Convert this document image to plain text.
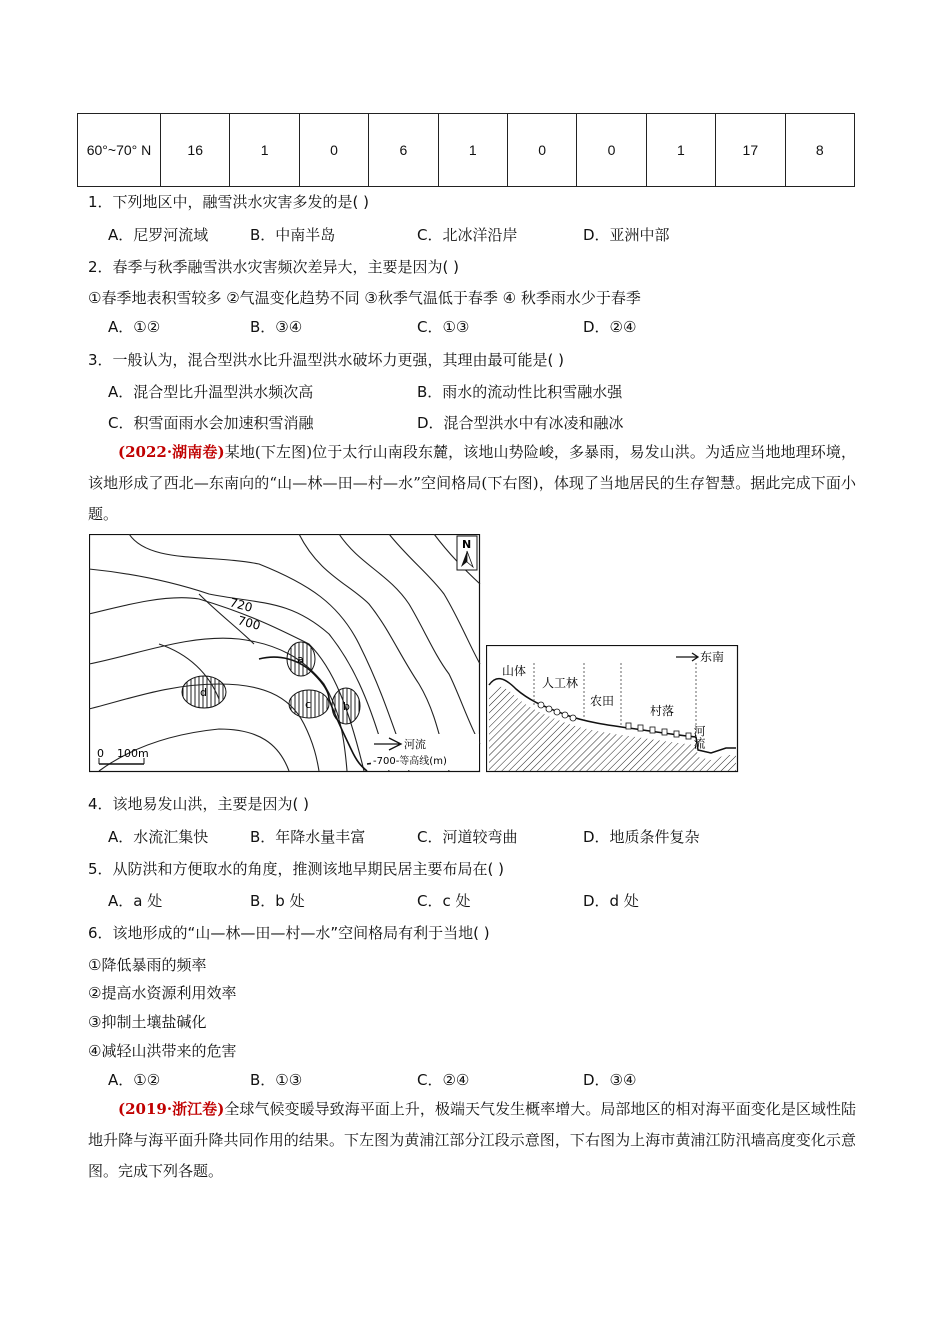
60°~70° N	16	1	0	6	1	0	0	1	17	8
1．下列地区中，融雪洪水灾害多发的是( )
A．尼罗河流域	B．中南半岛	C．北冰洋沿岸	D．亚洲中部
2．春季与秋季融雪洪水灾害频次差异大，主要是因为( )
①春季地表积雪较多 ②气温变化趋势不同 ③秋季气温低于春季 ④ 秋季雨水少于春季
A．①②	B．③④	C．①③	D．②④
3．一般认为，混合型洪水比升温型洪水破坏力更强，其理由最可能是( )
A．混合型比升温型洪水频次高	B．雨水的流动性比积雪融水强
C．积雪面雨水会加速积雪消融	D．混合型洪水中有冰凌和融冰
(2022·湖南卷)某地(下左图)位于太行山南段东麓，该地山势险峻，多暴雨，易发山洪。为适应当地地理环境，该地形成了西北—东南向的“山—林—田—村—水”空间格局(下右图)，体现了当地居民的生存智慧。据此完成下面小题。
a
b
c
d
720
700
N
0 100m
河流
-700-等高线(m)
东南
山体
人工林
农田
村落
河流
4．该地易发山洪，主要是因为( )
A．水流汇集快	B．年降水量丰富	C．河道较弯曲	D．地质条件复杂
5．从防洪和方便取水的角度，推测该地早期民居主要布局在( )
A．a 处	B．b 处	C．c 处	D．d 处
6．该地形成的“山—林—田—村—水”空间格局有利于当地( )
①降低暴雨的频率
②提高水资源利用效率
③抑制土壤盐碱化
④减轻山洪带来的危害
A．①②	B．①③	C．②④	D．③④
(2019·浙江卷)全球气候变暖导致海平面上升，极端天气发生概率增大。局部地区的相对海平面变化是区域性陆地升降与海平面升降共同作用的结果。下左图为黄浦江部分江段示意图，下右图为上海市黄浦江防汛墙高度变化示意图。完成下列各题。
